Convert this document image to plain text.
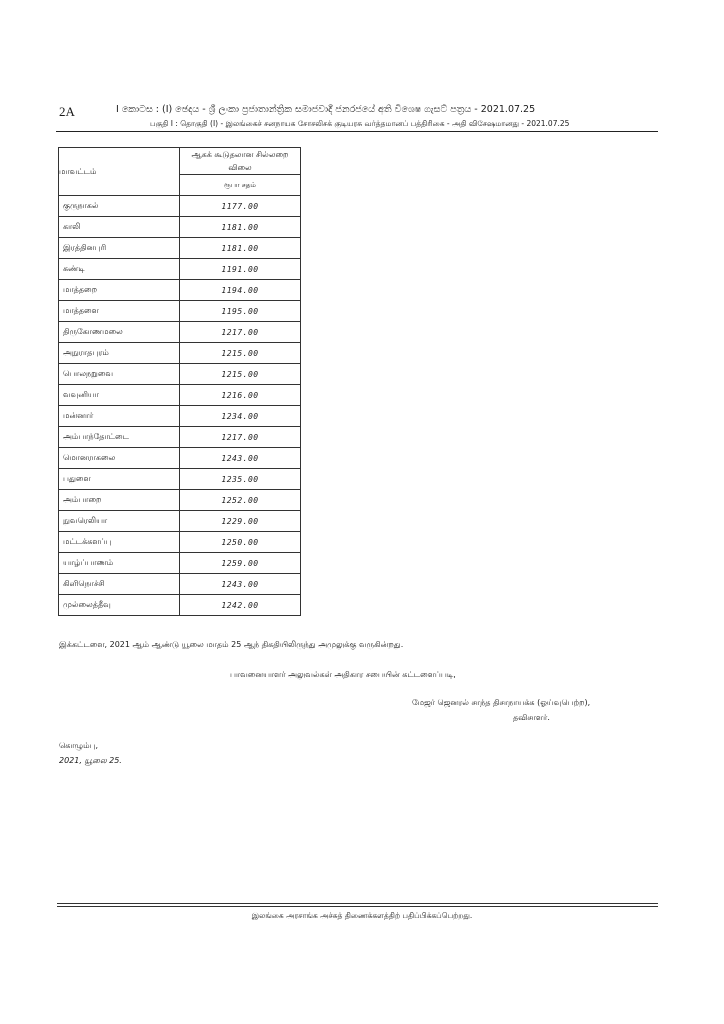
2A	I කොටස : (I) ඡෙදය - ශ්‍රී ලංකා ප්‍රජාතාන්ත්‍රික සමාජවාදී ජනරජයේ අති විශෙෂ ගැසට් පත්‍රය - 2021.07.25
பகுதி I : தொகுதி (I) - இலங்கைச் சனநாயக சோசலிசக் குடியரசு வர்த்தமானப் பத்திரிகை - அதி விசேஷமானது - 2021.07.25
மாவட்டம்	ஆகக் கூடுதலான சில்லறை விலை
	ரூபா சதம்
குருநாகல்	1177.00
காலி	1181.00
இரத்தினபுரி	1181.00
கண்டி	1191.00
மாத்தறை	1194.00
மாத்தளை	1195.00
திருகோணமலை	1217.00
அநுராதபுரம்	1215.00
பொலநறுவை	1215.00
வவுனியா	1216.00
மன்னார்	1234.00
அம்பாந்தோட்டை	1217.00
மொனராகலை	1243.00
பதுளை	1235.00
அம்பாறை	1252.00
நுவரெலியா	1229.00
மட்டக்களப்பு	1250.00
யாழ்ப்பாணம்	1259.00
கிளிநொச்சி	1243.00
முல்லைத்தீவு	1242.00
இக்கட்டளை, 2021 ஆம் ஆண்டு யூலை மாதம் 25 ஆந் திகதியிலிருந்து அமுலுக்கு வருகின்றது.
பாவனையாளர் அலுவல்கள் அதிகார சபையின் கட்டளைப்படி,
மேஜர் ஜெனரல் சாந்த திசாநாயக்க (ஓய்வுபெற்ற),
தவிசாளர்.
கொழும்பு,
2021, யூலை 25.
இலங்கை அரசாங்க அச்சுத் திணைக்களத்திற் பதிப்பிக்கப்பெற்றது.
